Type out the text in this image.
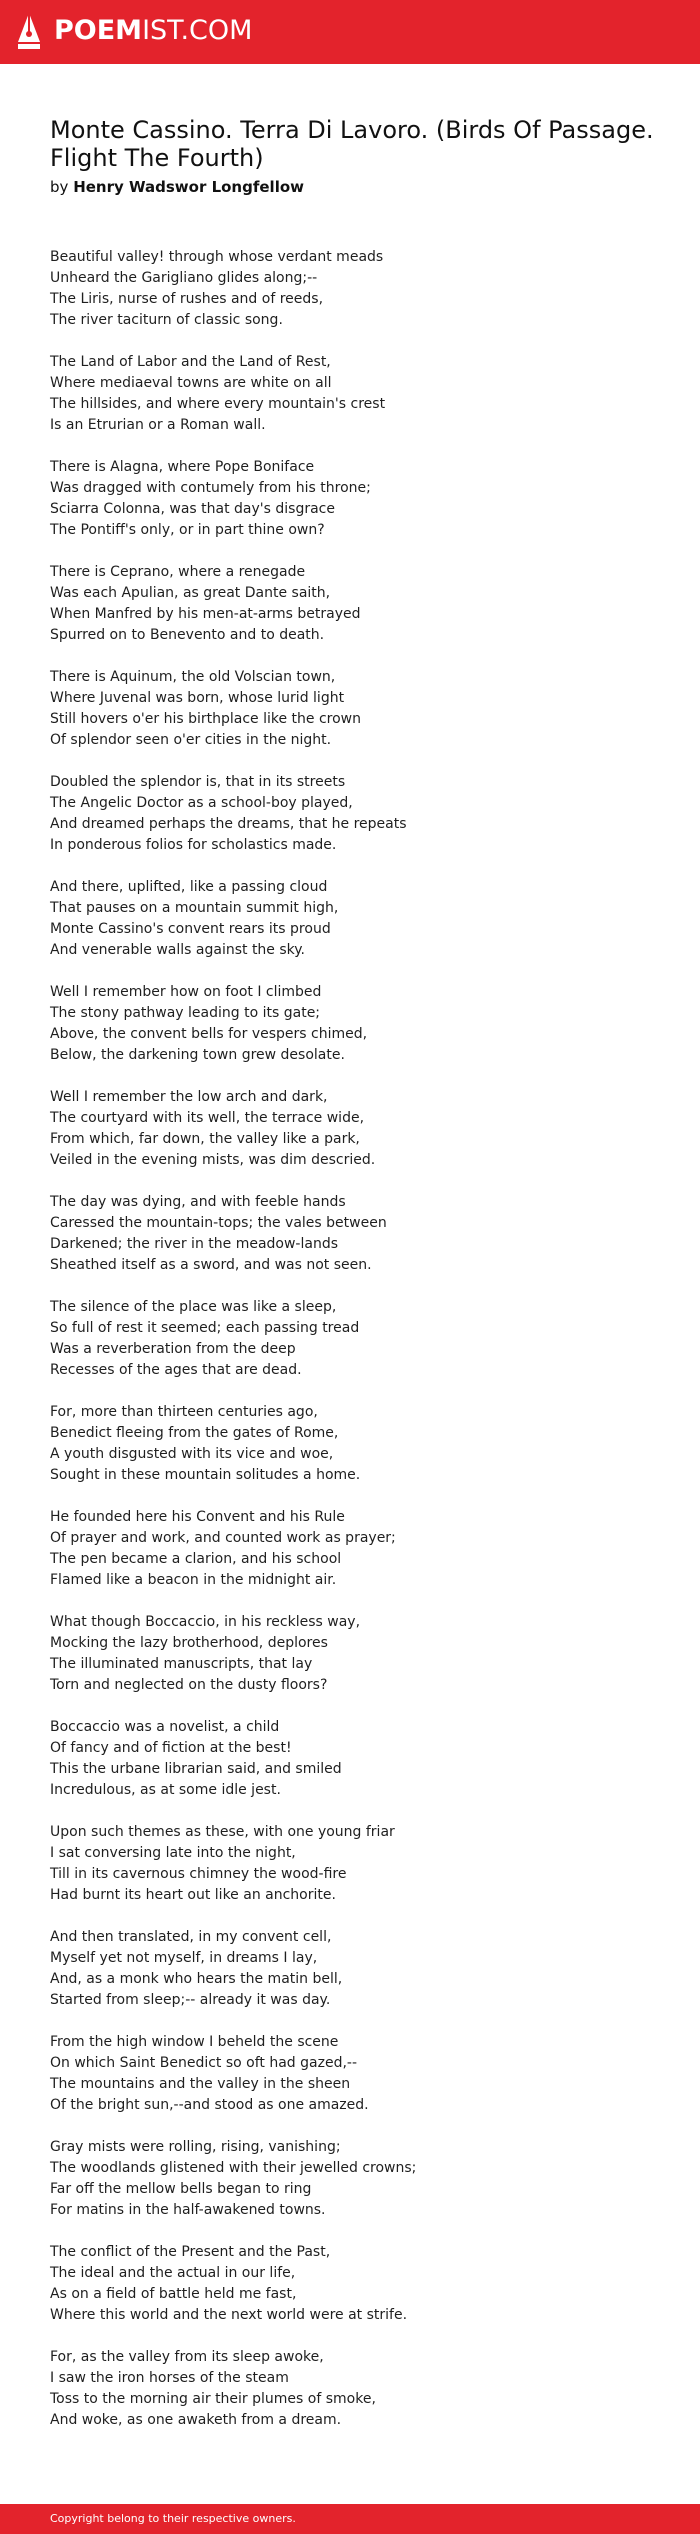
POEMIST.COM
Monte Cassino. Terra Di Lavoro. (Birds Of Passage. Flight The Fourth)

by Henry Wadswor Longfellow

Beautiful valley! through whose verdant meads
Unheard the Garigliano glides along;--
The Liris, nurse of rushes and of reeds,
The river taciturn of classic song.
The Land of Labor and the Land of Rest,
Where mediaeval towns are white on all
The hillsides, and where every mountain's crest
Is an Etrurian or a Roman wall.
There is Alagna, where Pope Boniface
Was dragged with contumely from his throne;
Sciarra Colonna, was that day's disgrace
The Pontiff's only, or in part thine own?
There is Ceprano, where a renegade
Was each Apulian, as great Dante saith,
When Manfred by his men-at-arms betrayed
Spurred on to Benevento and to death.
There is Aquinum, the old Volscian town,
Where Juvenal was born, whose lurid light
Still hovers o'er his birthplace like the crown
Of splendor seen o'er cities in the night.
Doubled the splendor is, that in its streets
The Angelic Doctor as a school-boy played,
And dreamed perhaps the dreams, that he repeats
In ponderous folios for scholastics made.
And there, uplifted, like a passing cloud
That pauses on a mountain summit high,
Monte Cassino's convent rears its proud
And venerable walls against the sky.
Well I remember how on foot I climbed
The stony pathway leading to its gate;
Above, the convent bells for vespers chimed,
Below, the darkening town grew desolate.
Well I remember the low arch and dark,
The courtyard with its well, the terrace wide,
From which, far down, the valley like a park,
Veiled in the evening mists, was dim descried.
The day was dying, and with feeble hands
Caressed the mountain-tops; the vales between
Darkened; the river in the meadow-lands
Sheathed itself as a sword, and was not seen.
The silence of the place was like a sleep,
So full of rest it seemed; each passing tread
Was a reverberation from the deep
Recesses of the ages that are dead.
For, more than thirteen centuries ago,
Benedict fleeing from the gates of Rome,
A youth disgusted with its vice and woe,
Sought in these mountain solitudes a home.
He founded here his Convent and his Rule
Of prayer and work, and counted work as prayer;
The pen became a clarion, and his school
Flamed like a beacon in the midnight air.
What though Boccaccio, in his reckless way,
Mocking the lazy brotherhood, deplores
The illuminated manuscripts, that lay
Torn and neglected on the dusty floors?
Boccaccio was a novelist, a child
Of fancy and of fiction at the best!
This the urbane librarian said, and smiled
Incredulous, as at some idle jest.
Upon such themes as these, with one young friar
I sat conversing late into the night,
Till in its cavernous chimney the wood-fire
Had burnt its heart out like an anchorite.
And then translated, in my convent cell,
Myself yet not myself, in dreams I lay,
And, as a monk who hears the matin bell,
Started from sleep;-- already it was day.
From the high window I beheld the scene
On which Saint Benedict so oft had gazed,--
The mountains and the valley in the sheen
Of the bright sun,--and stood as one amazed.
Gray mists were rolling, rising, vanishing;
The woodlands glistened with their jewelled crowns;
Far off the mellow bells began to ring
For matins in the half-awakened towns.
The conflict of the Present and the Past,
The ideal and the actual in our life,
As on a field of battle held me fast,
Where this world and the next world were at strife.
For, as the valley from its sleep awoke,
I saw the iron horses of the steam
Toss to the morning air their plumes of smoke,
And woke, as one awaketh from a dream.
Copyright belong to their respective owners.
